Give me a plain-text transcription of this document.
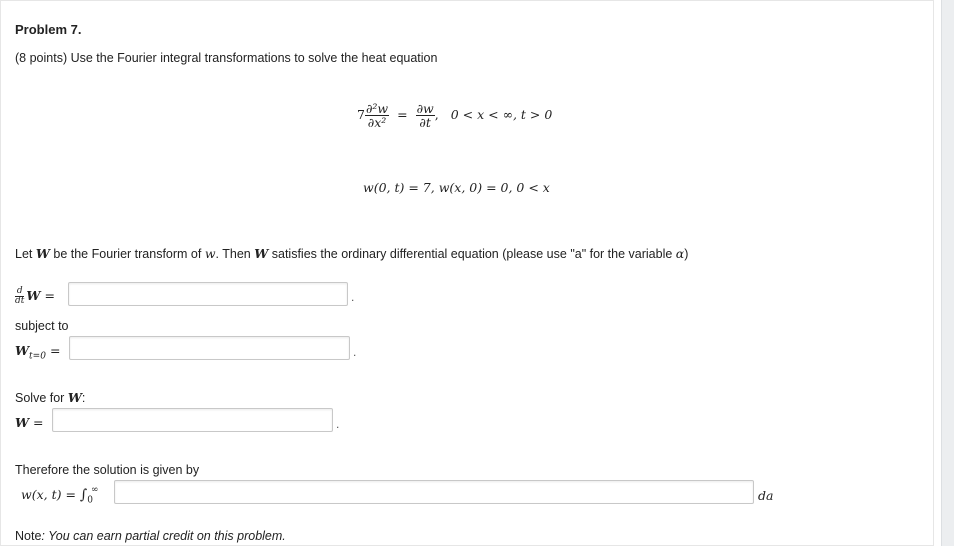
Problem 7.
(8 points) Use the Fourier integral transformations to solve the heat equation
$7 \frac{\text{∂²w}}{\text{∂x²}} = \frac{\partial w}{\partial t}$ , 0 < x < ∞, t > 0
w(0, t) = 7, w(x, 0) = 0, 0 < x
Let W be the Fourier transform of w. Then W satisfies the ordinary differential equation (please use "a" for the variable α)
$\frac{d}{dt}$ W =	.
subject to
$W_{t=0}$ =	.
Solve for W:
W =	.
Therefore the solution is given by
w(x, $t) = \int_0^\infty$	da
Note: You can earn partial credit on this problem.
